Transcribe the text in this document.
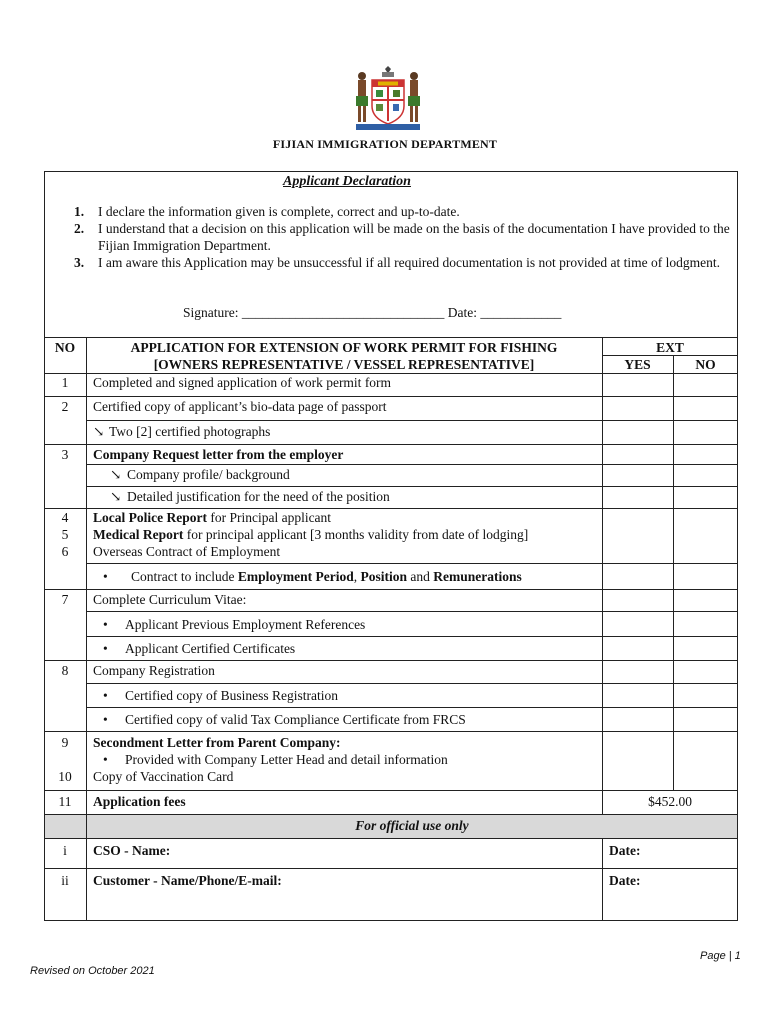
FIJIAN IMMIGRATION DEPARTMENT
Applicant Declaration
1. I declare the information given is complete, correct and up-to-date.
2. I understand that a decision on this application will be made on the basis of the documentation I have provided to the Fijian Immigration Department.
3. I am aware this Application may be unsuccessful if all required documentation is not provided at time of lodgment.
Signature: ______________________________ Date: ____________
NO	APPLICATION FOR EXTENSION OF WORK PERMIT FOR FISHING
[OWNERS REPRESENTATIVE / VESSEL REPRESENTATIVE]
EXT
YES	NO
1	Completed and signed application of work permit form
2	Certified copy of applicant’s bio-data page of passport
↘ Two [2] certified photographs
3	Company Request letter from the employer
↘ Company profile/ background
↘ Detailed justification for the need of the position
4	Local Police Report for Principal applicant
5	Medical Report for principal applicant [3 months validity from date of lodging]
6	Overseas Contract of Employment
• Contract to include Employment Period, Position and Remunerations
7	Complete Curriculum Vitae:
• Applicant Previous Employment References
• Applicant Certified Certificates
8	Company Registration
• Certified copy of Business Registration
• Certified copy of valid Tax Compliance Certificate from FRCS
9	Secondment Letter from Parent Company:
• Provided with Company Letter Head and detail information
10	Copy of Vaccination Card
11	Application fees	$452.00
For official use only
i	CSO - Name:	Date:
ii	Customer - Name/Phone/E-mail:	Date:
Page | 1
Revised on October 2021
